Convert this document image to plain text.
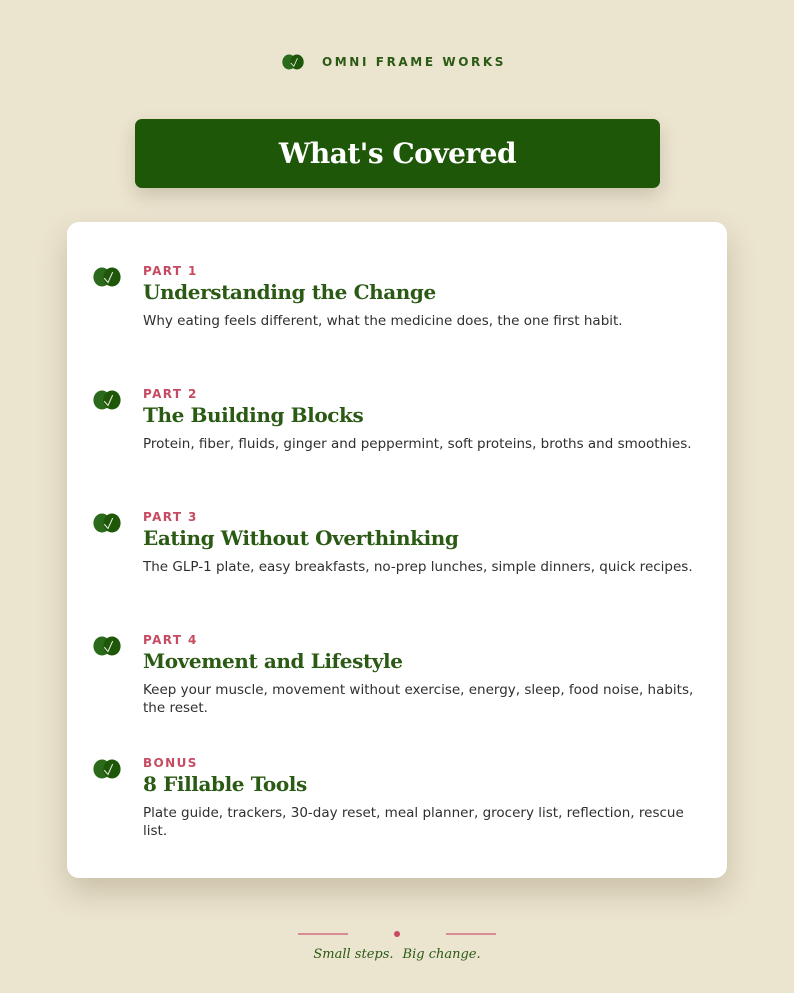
OMNI FRAME WORKS
What's Covered
PART 1
Understanding the Change
Why eating feels different, what the medicine does, the one first habit.
PART 2
The Building Blocks
Protein, fiber, fluids, ginger and peppermint, soft proteins, broths and smoothies.
PART 3
Eating Without Overthinking
The GLP-1 plate, easy breakfasts, no-prep lunches, simple dinners, quick recipes.
PART 4
Movement and Lifestyle
Keep your muscle, movement without exercise, energy, sleep, food noise, habits, the reset.
BONUS
8 Fillable Tools
Plate guide, trackers, 30-day reset, meal planner, grocery list, reflection, rescue list.
Small steps. Big change.
